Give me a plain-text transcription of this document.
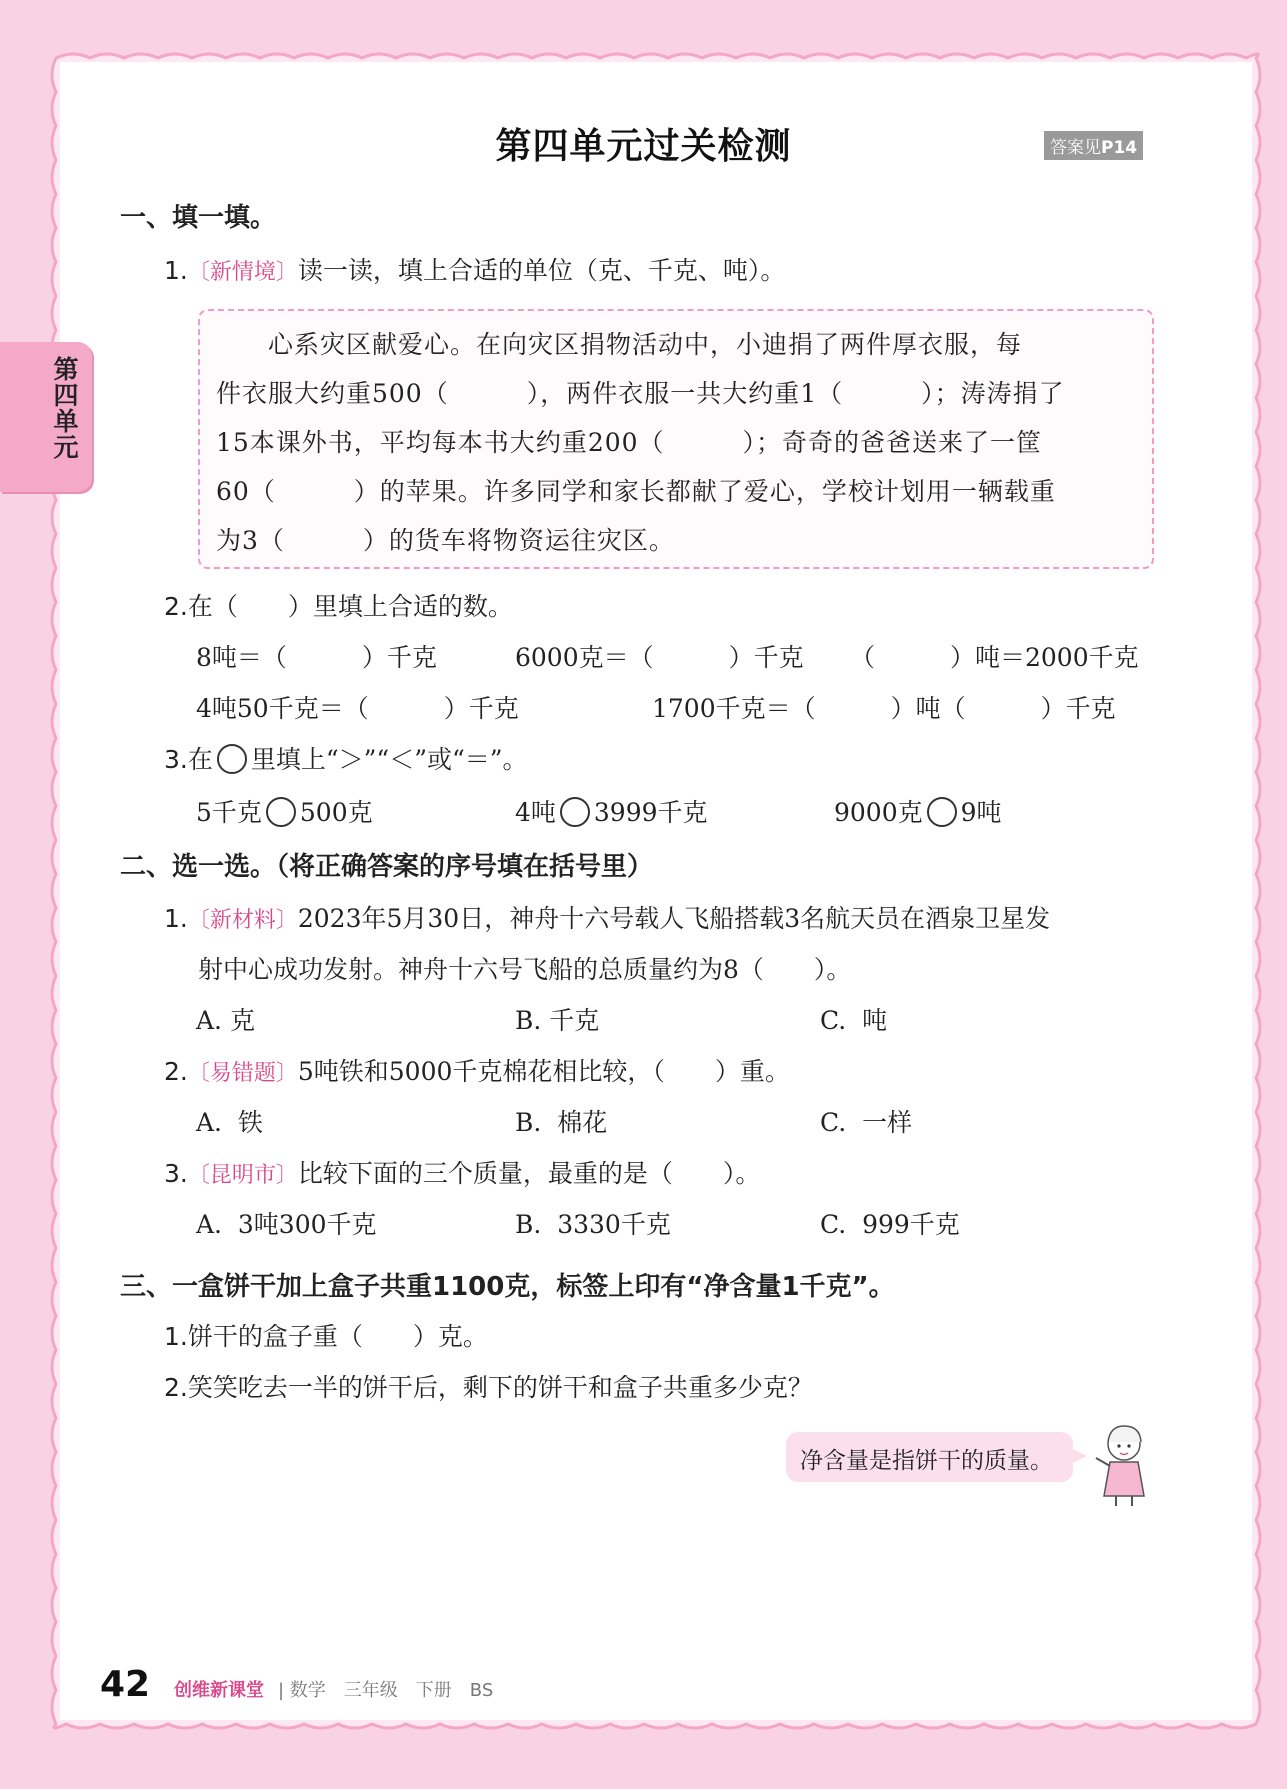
第四单元过关检测	答案见P14
第四单元
一、填一填。
1.〔新情境〕读一读，填上合适的单位（克、千克、吨）。
　　心系灾区献爱心。在向灾区捐物活动中，小迪捐了两件厚衣服，每
件衣服大约重500（　　　），两件衣服一共大约重1（　　　）；涛涛捐了
15本课外书，平均每本书大约重200（　　　）；奇奇的爸爸送来了一筐
60（　　　）的苹果。许多同学和家长都献了爱心，学校计划用一辆载重
为3（　　　）的货车将物资运往灾区。
2.在（　　）里填上合适的数。
8吨＝（　　　）千克	6000克＝（　　　）千克 （　　　）吨＝2000千克
4吨50千克＝（　　　）千克	1700千克＝（　　　）吨（　　　）千克
3.在 里填上“＞”“＜”或“＝”。
5千克 500克	4吨 3999千克	9000克 9吨
二、选一选。（将正确答案的序号填在括号里）
1.〔新材料〕2023年5月30日，神舟十六号载人飞船搭载3名航天员在酒泉卫星发
射中心成功发射。神舟十六号飞船的总质量约为8（　　）。
A. 克	B. 千克	C.  吨
2.〔易错题〕5吨铁和5000千克棉花相比较，（　　）重。
A.  铁	B.  棉花	C.  一样
3.〔昆明市〕比较下面的三个质量，最重的是（　　）。
A.  3吨300千克	B.  3330千克	C.  999千克
三、一盒饼干加上盒子共重1100克，标签上印有“净含量1千克”。
1.饼干的盒子重（　　）克。
2.笑笑吃去一半的饼干后，剩下的饼干和盒子共重多少克？
净含量是指饼干的质量。
42 创维新课堂 | 数学　三年级　下册　BS
